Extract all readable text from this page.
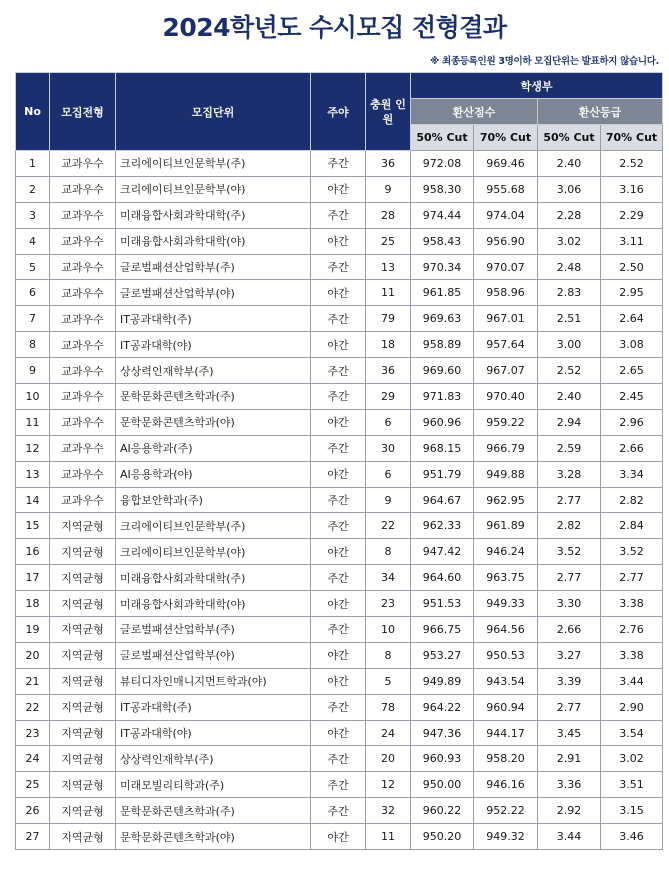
2024학년도 수시모집 전형결과
※ 최종등록인원 3명이하 모집단위는 발표하지 않습니다.
No	모집전형	모집단위	주야	충원 인원	학생부			
					환산점수		환산등급	
					50% Cut	70% Cut	50% Cut	70% Cut
1	교과우수	크리에이티브인문학부(주)	주간	36	972.08	969.46	2.40	2.52
2	교과우수	크리에이티브인문학부(야)	야간	9	958.30	955.68	3.06	3.16
3	교과우수	미래융합사회과학대학(주)	주간	28	974.44	974.04	2.28	2.29
4	교과우수	미래융합사회과학대학(야)	야간	25	958.43	956.90	3.02	3.11
5	교과우수	글로벌패션산업학부(주)	주간	13	970.34	970.07	2.48	2.50
6	교과우수	글로벌패션산업학부(야)	야간	11	961.85	958.96	2.83	2.95
7	교과우수	IT공과대학(주)	주간	79	969.63	967.01	2.51	2.64
8	교과우수	IT공과대학(야)	야간	18	958.89	957.64	3.00	3.08
9	교과우수	상상력인재학부(주)	주간	36	969.60	967.07	2.52	2.65
10	교과우수	문학문화콘텐츠학과(주)	주간	29	971.83	970.40	2.40	2.45
11	교과우수	문학문화콘텐츠학과(야)	야간	6	960.96	959.22	2.94	2.96
12	교과우수	AI응용학과(주)	주간	30	968.15	966.79	2.59	2.66
13	교과우수	AI응용학과(야)	야간	6	951.79	949.88	3.28	3.34
14	교과우수	융합보안학과(주)	주간	9	964.67	962.95	2.77	2.82
15	지역균형	크리에이티브인문학부(주)	주간	22	962.33	961.89	2.82	2.84
16	지역균형	크리에이티브인문학부(야)	야간	8	947.42	946.24	3.52	3.52
17	지역균형	미래융합사회과학대학(주)	주간	34	964.60	963.75	2.77	2.77
18	지역균형	미래융합사회과학대학(야)	야간	23	951.53	949.33	3.30	3.38
19	지역균형	글로벌패션산업학부(주)	주간	10	966.75	964.56	2.66	2.76
20	지역균형	글로벌패션산업학부(야)	야간	8	953.27	950.53	3.27	3.38
21	지역균형	뷰티디자인매니지먼트학과(야)	야간	5	949.89	943.54	3.39	3.44
22	지역균형	IT공과대학(주)	주간	78	964.22	960.94	2.77	2.90
23	지역균형	IT공과대학(야)	야간	24	947.36	944.17	3.45	3.54
24	지역균형	상상력인재학부(주)	주간	20	960.93	958.20	2.91	3.02
25	지역균형	미래모빌리티학과(주)	주간	12	950.00	946.16	3.36	3.51
26	지역균형	문학문화콘텐츠학과(주)	주간	32	960.22	952.22	2.92	3.15
27	지역균형	문학문화콘텐츠학과(야)	야간	11	950.20	949.32	3.44	3.46
